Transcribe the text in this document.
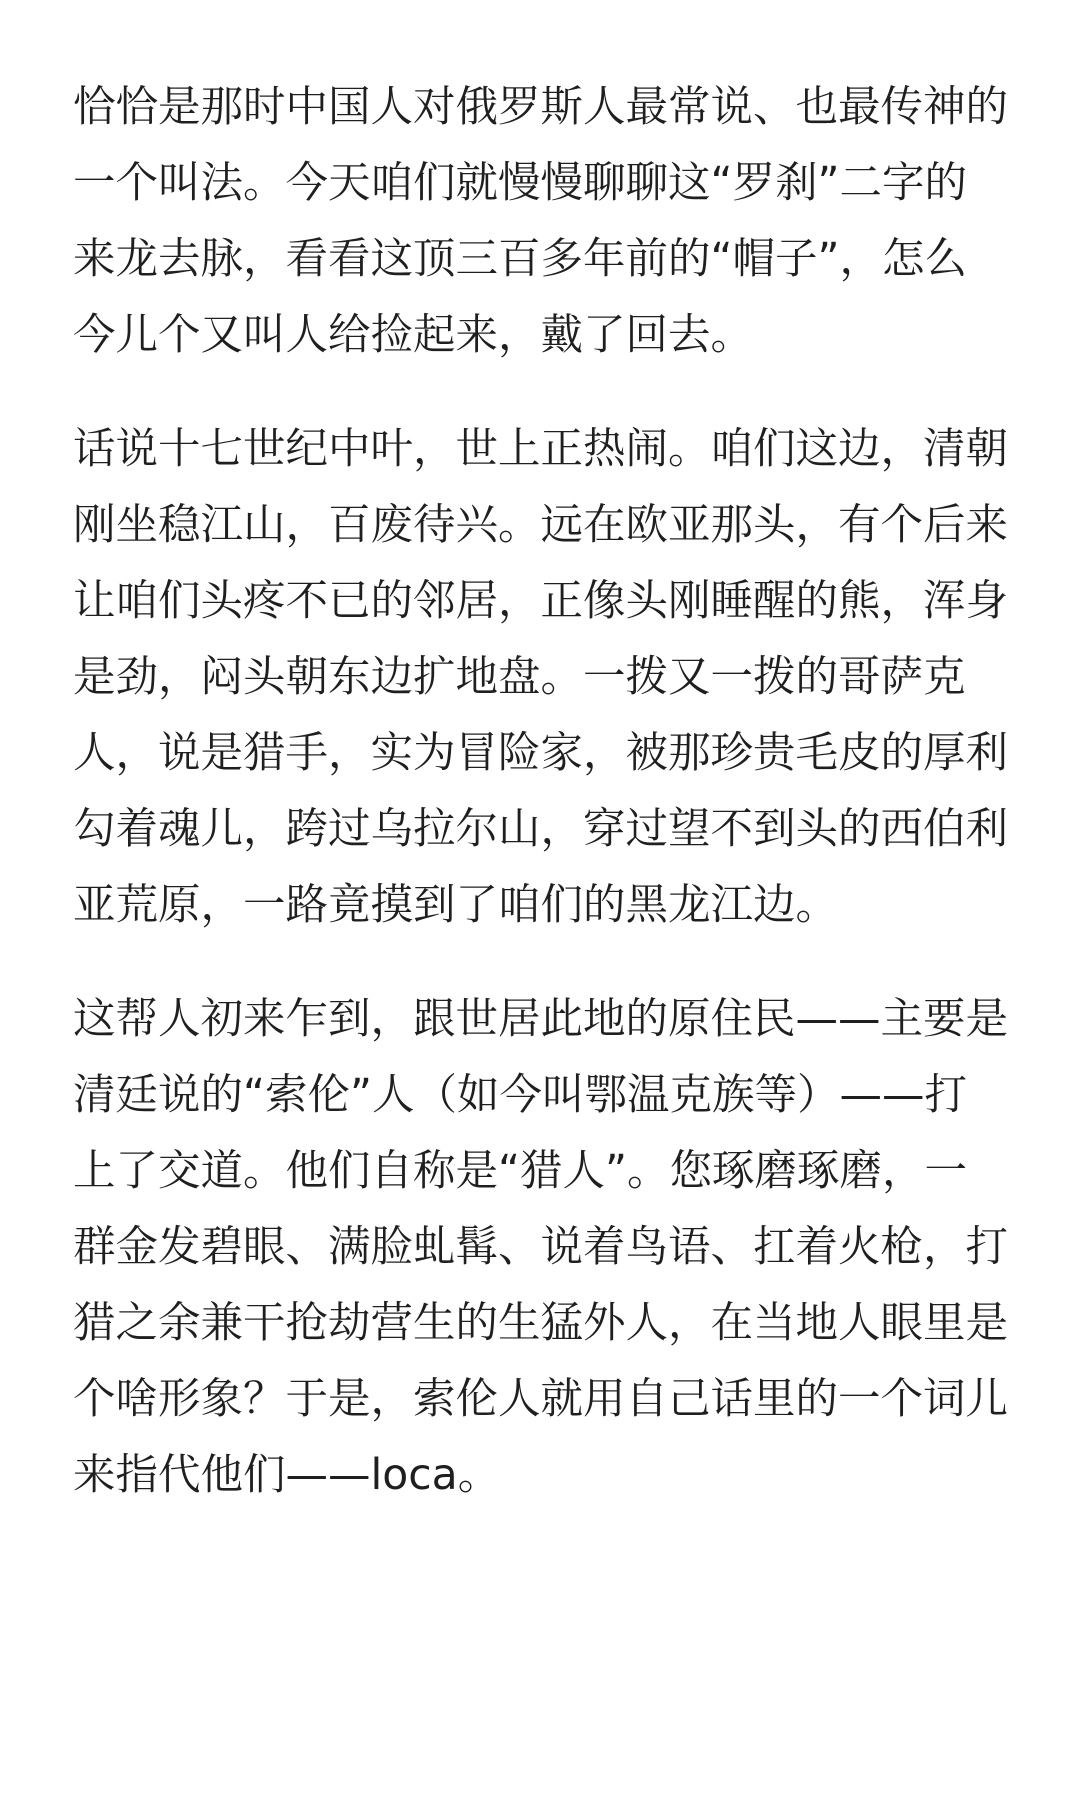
恰恰是那时中国人对俄罗斯人最常说、也最传神的
一个叫法。今天咱们就慢慢聊聊这“罗刹”二字的
来龙去脉，看看这顶三百多年前的“帽子”，怎么
今儿个又叫人给捡起来，戴了回去。
话说十七世纪中叶，世上正热闹。咱们这边，清朝
刚坐稳江山，百废待兴。远在欧亚那头，有个后来
让咱们头疼不已的邻居，正像头刚睡醒的熊，浑身
是劲，闷头朝东边扩地盘。一拨又一拨的哥萨克
人，说是猎手，实为冒险家，被那珍贵毛皮的厚利
勾着魂儿，跨过乌拉尔山，穿过望不到头的西伯利
亚荒原，一路竟摸到了咱们的黑龙江边。
这帮人初来乍到，跟世居此地的原住民——主要是
清廷说的“索伦”人（如今叫鄂温克族等）——打
上了交道。他们自称是“猎人”。您琢磨琢磨，一
群金发碧眼、满脸虬髯、说着鸟语、扛着火枪，打
猎之余兼干抢劫营生的生猛外人，在当地人眼里是
个啥形象？于是，索伦人就用自己话里的一个词儿
来指代他们——loca。
